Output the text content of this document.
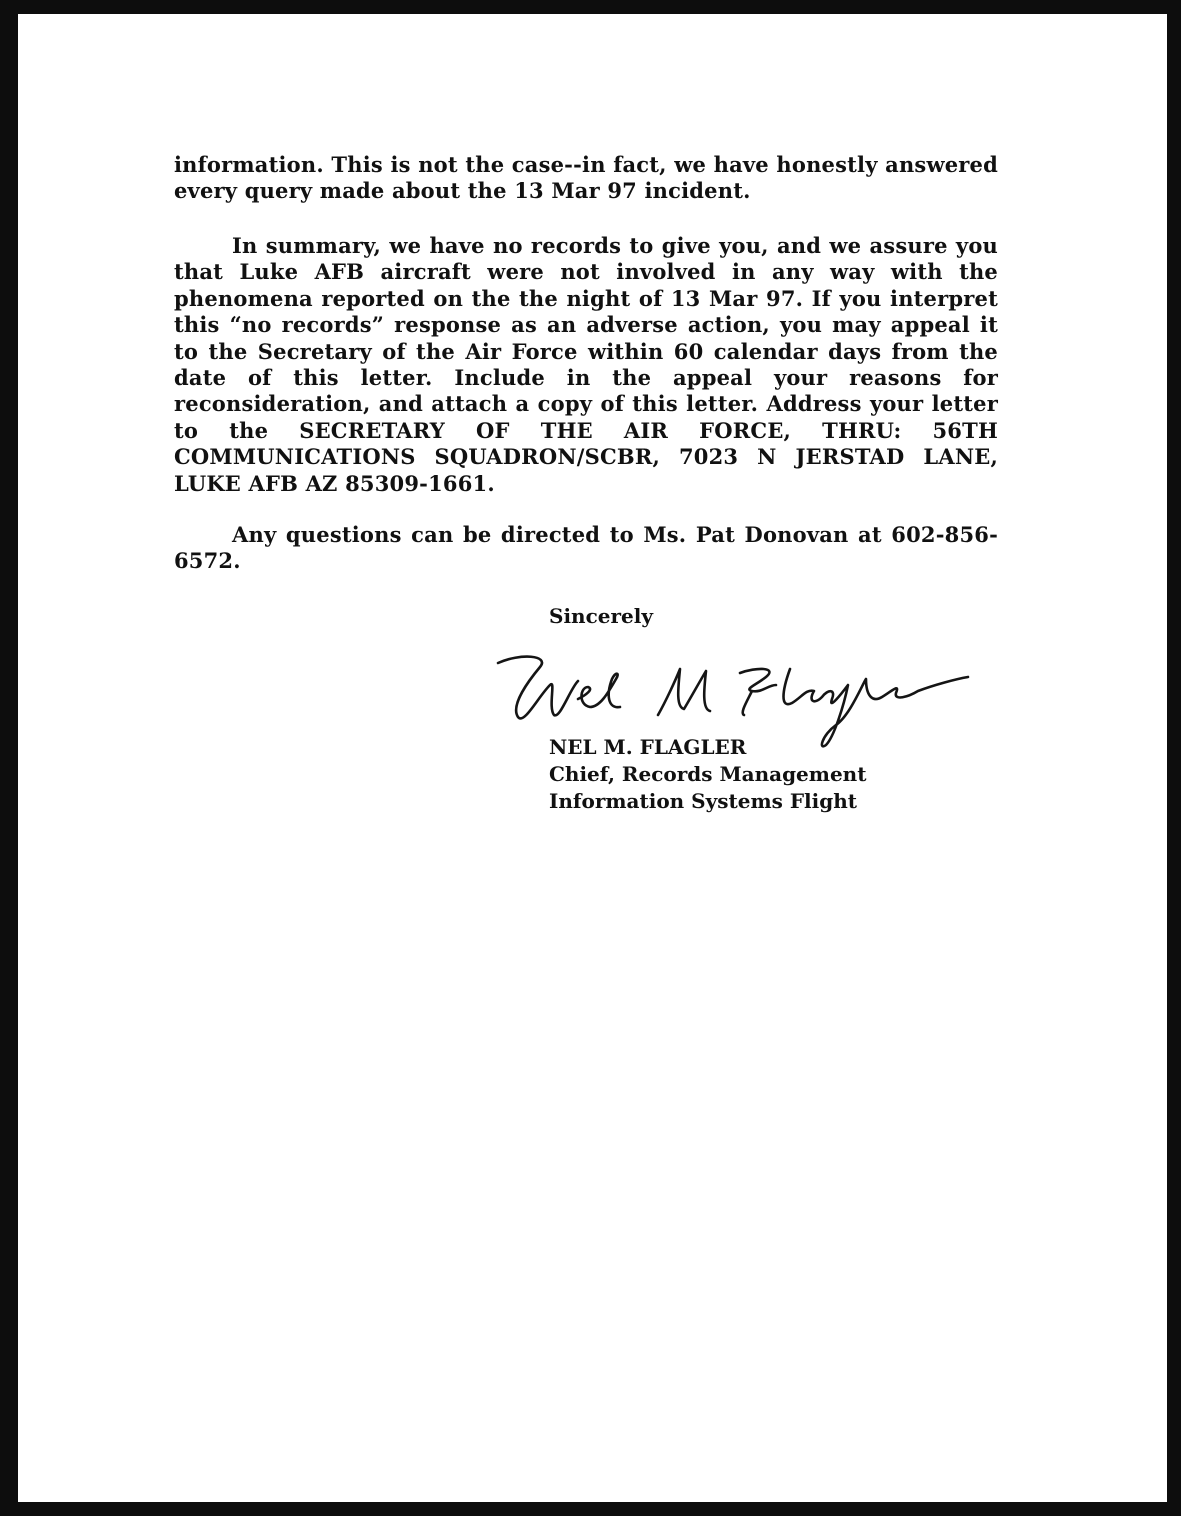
information. This is not the case--in fact, we have honestly answered every query made about the 13 Mar 97 incident.

In summary, we have no records to give you, and we assure you that Luke AFB aircraft were not involved in any way with the phenomena reported on the the night of 13 Mar 97. If you interpret this “no records” response as an adverse action, you may appeal it to the Secretary of the Air Force within 60 calendar days from the date of this letter. Include in the appeal your reasons for reconsideration, and attach a copy of this letter. Address your letter to the SECRETARY OF THE AIR FORCE, THRU: 56TH COMMUNICATIONS SQUADRON/SCBR, 7023 N JERSTAD LANE, LUKE AFB AZ 85309-1661.

Any questions can be directed to Ms. Pat Donovan at 602-856-6572.

Sincerely

NEL M. FLAGLER

Chief, Records Management

Information Systems Flight
